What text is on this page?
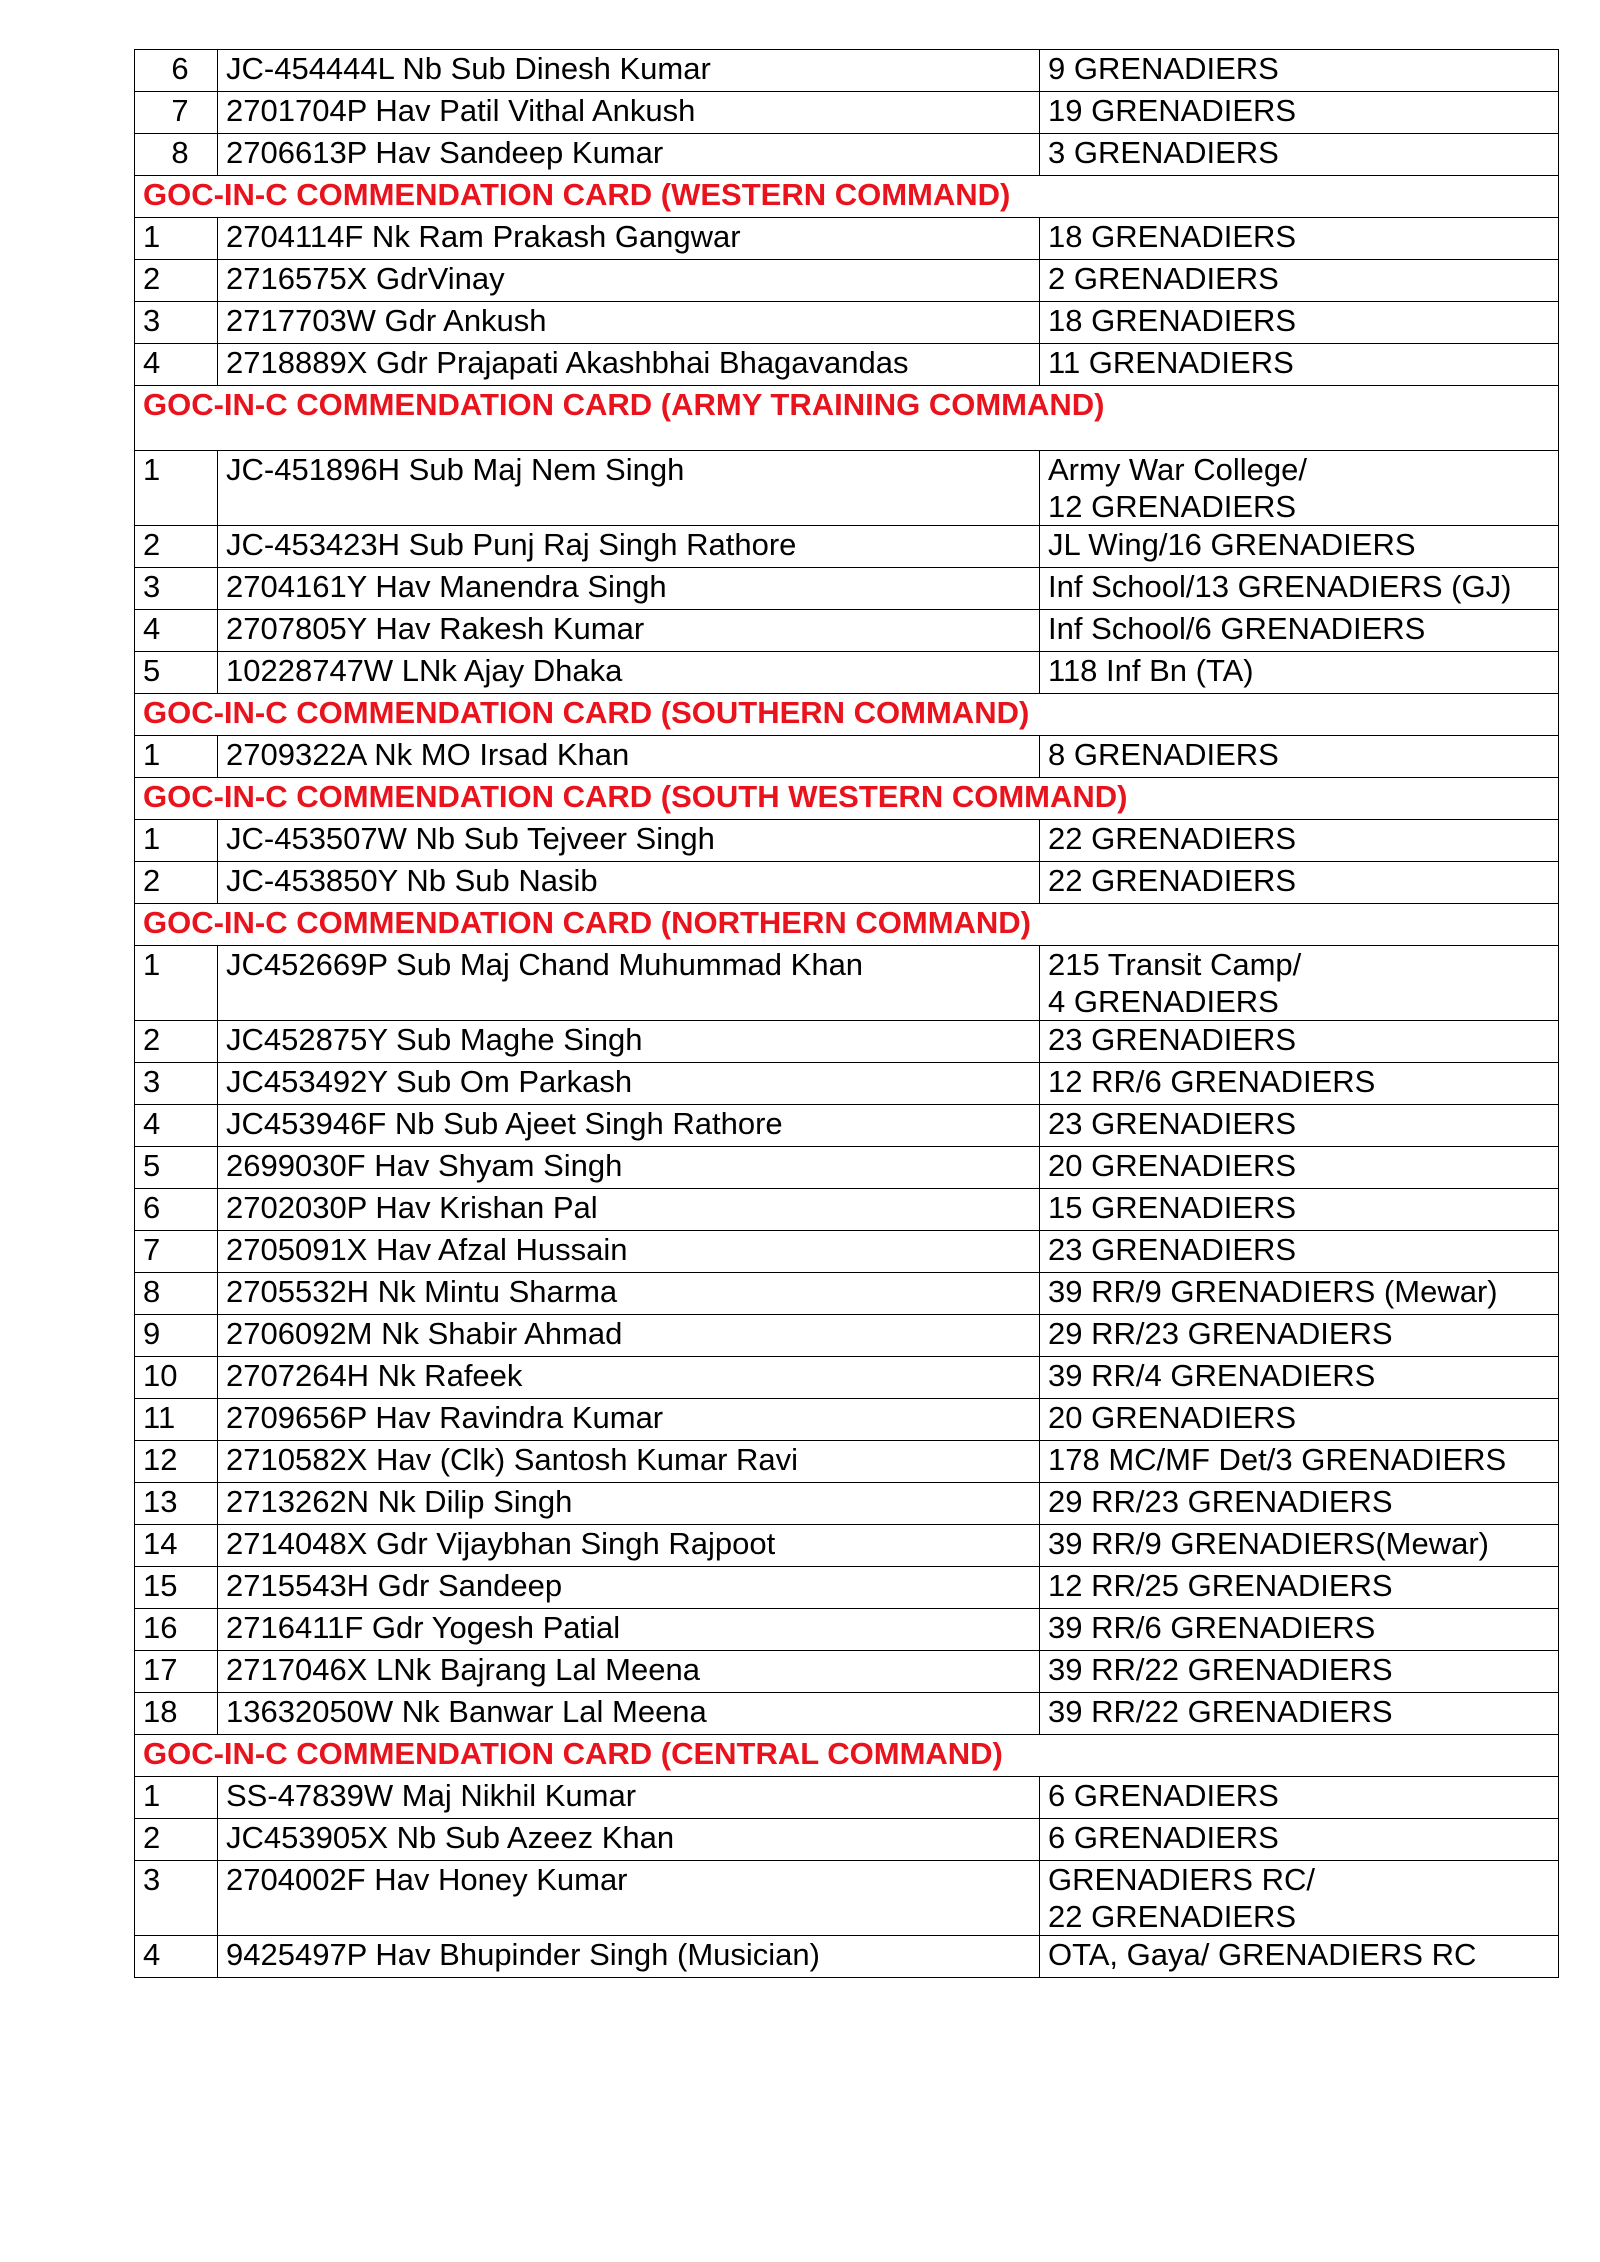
6	JC-454444L Nb Sub Dinesh Kumar	9 GRENADIERS

7	2701704P Hav Patil Vithal Ankush	19 GRENADIERS

8	2706613P Hav Sandeep Kumar	3 GRENADIERS

GOC-IN-C COMMENDATION CARD (WESTERN COMMAND)		
1	2704114F Nk Ram Prakash Gangwar	18 GRENADIERS

2	2716575X GdrVinay	2 GRENADIERS

3	2717703W Gdr Ankush	18 GRENADIERS

4	2718889X Gdr Prajapati Akashbhai Bhagavandas	11 GRENADIERS

GOC-IN-C COMMENDATION CARD (ARMY TRAINING COMMAND)		
1	JC-451896H Sub Maj Nem Singh	Army War College/
12 GRENADIERS

2	JC-453423H Sub Punj Raj Singh Rathore	JL Wing/16 GRENADIERS

3	2704161Y Hav Manendra Singh	Inf School/13 GRENADIERS (GJ)

4	2707805Y Hav Rakesh Kumar	Inf School/6 GRENADIERS

5	10228747W LNk Ajay Dhaka	118 Inf Bn (TA)

GOC-IN-C COMMENDATION CARD (SOUTHERN COMMAND)		
1	2709322A Nk MO Irsad Khan	8 GRENADIERS

GOC-IN-C COMMENDATION CARD (SOUTH WESTERN COMMAND)		
1	JC-453507W Nb Sub Tejveer Singh	22 GRENADIERS

2	JC-453850Y Nb Sub Nasib	22 GRENADIERS

GOC-IN-C COMMENDATION CARD (NORTHERN COMMAND)		
1	JC452669P Sub Maj Chand Muhummad Khan	215 Transit Camp/
4 GRENADIERS

2	JC452875Y Sub Maghe Singh	23 GRENADIERS

3	JC453492Y Sub Om Parkash	12 RR/6 GRENADIERS

4	JC453946F Nb Sub Ajeet Singh Rathore	23 GRENADIERS

5	2699030F Hav Shyam Singh	20 GRENADIERS

6	2702030P Hav Krishan Pal	15 GRENADIERS

7	2705091X Hav Afzal Hussain	23 GRENADIERS

8	2705532H Nk Mintu Sharma	39 RR/9 GRENADIERS (Mewar)

9	2706092M Nk Shabir Ahmad	29 RR/23 GRENADIERS

10	2707264H Nk Rafeek	39 RR/4 GRENADIERS

11	2709656P Hav Ravindra Kumar	20 GRENADIERS

12	2710582X Hav (Clk) Santosh Kumar Ravi	178 MC/MF Det/3 GRENADIERS

13	2713262N Nk Dilip Singh	29 RR/23 GRENADIERS

14	2714048X Gdr Vijaybhan Singh Rajpoot	39 RR/9 GRENADIERS(Mewar)

15	2715543H Gdr Sandeep	12 RR/25 GRENADIERS

16	2716411F Gdr Yogesh Patial	39 RR/6 GRENADIERS

17	2717046X LNk Bajrang Lal Meena	39 RR/22 GRENADIERS

18	13632050W Nk Banwar Lal Meena	39 RR/22 GRENADIERS

GOC-IN-C COMMENDATION CARD (CENTRAL COMMAND)		
1	SS-47839W Maj Nikhil Kumar	6 GRENADIERS

2	JC453905X Nb Sub Azeez Khan	6 GRENADIERS

3	2704002F Hav Honey Kumar	GRENADIERS RC/
22 GRENADIERS

4	9425497P Hav Bhupinder Singh (Musician)	OTA, Gaya/ GRENADIERS RC
